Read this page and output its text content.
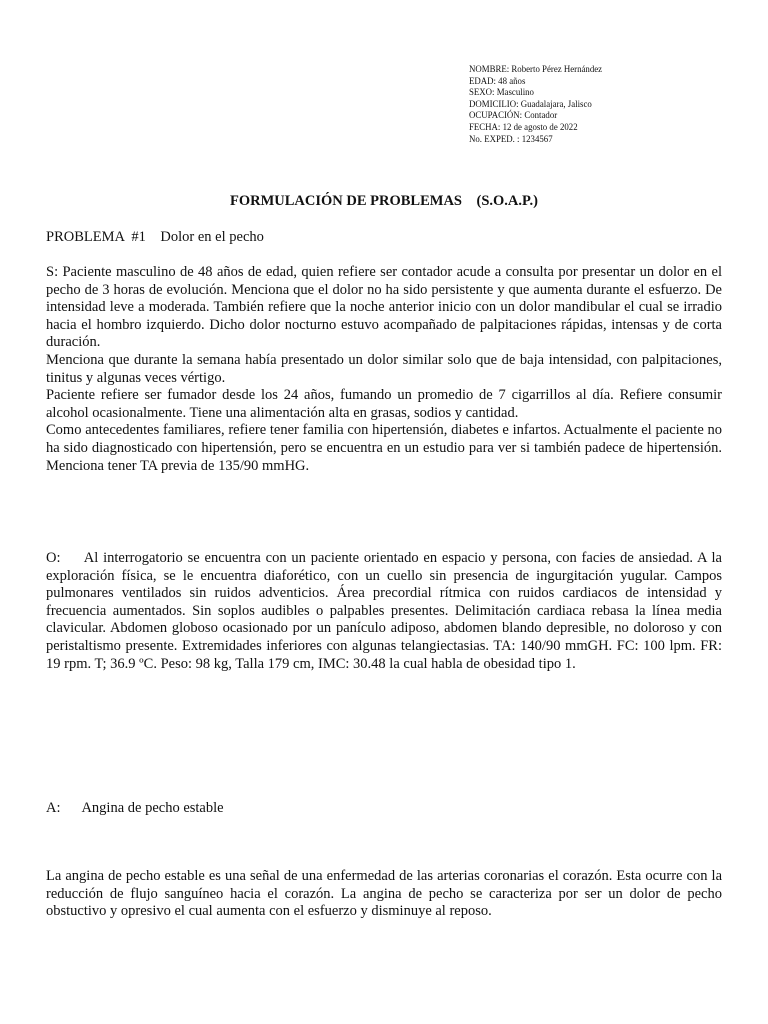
NOMBRE: Roberto Pérez Hernández
EDAD: 48 años
SEXO: Masculino
DOMICILIO: Guadalajara, Jalisco
OCUPACIÓN: Contador
FECHA: 12 de agosto de 2022
No. EXPED. : 1234567
FORMULACIÓN DE PROBLEMAS    (S.O.A.P.)
PROBLEMA  #1    Dolor en el pecho

S: Paciente masculino de 48 años de edad, quien refiere ser contador acude a consulta por presentar un dolor en el pecho de 3 horas de evolución. Menciona que el dolor no ha sido persistente y que aumenta durante el esfuerzo. De intensidad leve a moderada. También refiere que la noche anterior inicio con un dolor mandibular el cual se irradio hacia el hombro izquierdo. Dicho dolor nocturno estuvo acompañado de palpitaciones rápidas, intensas y de corta duración.

Menciona que durante la semana había presentado un dolor similar solo que de baja intensidad, con palpitaciones, tinitus y algunas veces vértigo.

Paciente refiere ser fumador desde los 24 años, fumando un promedio de 7 cigarrillos al día. Refiere consumir alcohol ocasionalmente. Tiene una alimentación alta en grasas, sodios y cantidad.

Como antecedentes familiares, refiere tener familia con hipertensión, diabetes e infartos. Actualmente el paciente no ha sido diagnosticado con hipertensión, pero se encuentra en un estudio para ver si también padece de hipertensión. Menciona tener TA previa de 135/90 mmHG.

O:     Al interrogatorio se encuentra con un paciente orientado en espacio y persona, con facies de ansiedad. A la exploración física, se le encuentra diaforético, con un cuello sin presencia de ingurgitación yugular. Campos pulmonares ventilados sin ruidos adventicios. Área precordial rítmica con ruidos cardiacos de intensidad y frecuencia aumentados. Sin soplos audibles o palpables presentes. Delimitación cardiaca rebasa la línea media clavicular. Abdomen globoso ocasionado por un panículo adiposo, abdomen blando depresible, no doloroso y con peristaltismo presente. Extremidades inferiores con algunas telangiectasias. TA: 140/90 mmGH. FC: 100 lpm. FR: 19 rpm. T; 36.9 ºC. Peso: 98 kg, Talla 179 cm, IMC: 30.48 la cual habla de obesidad tipo 1.

A:      Angina de pecho estable

La angina de pecho estable es una señal de una enfermedad de las arterias coronarias el corazón. Esta ocurre con la reducción de flujo sanguíneo hacia el corazón. La angina de pecho se caracteriza por ser un dolor de pecho obstuctivo y opresivo el cual aumenta con el esfuerzo y disminuye al reposo.
